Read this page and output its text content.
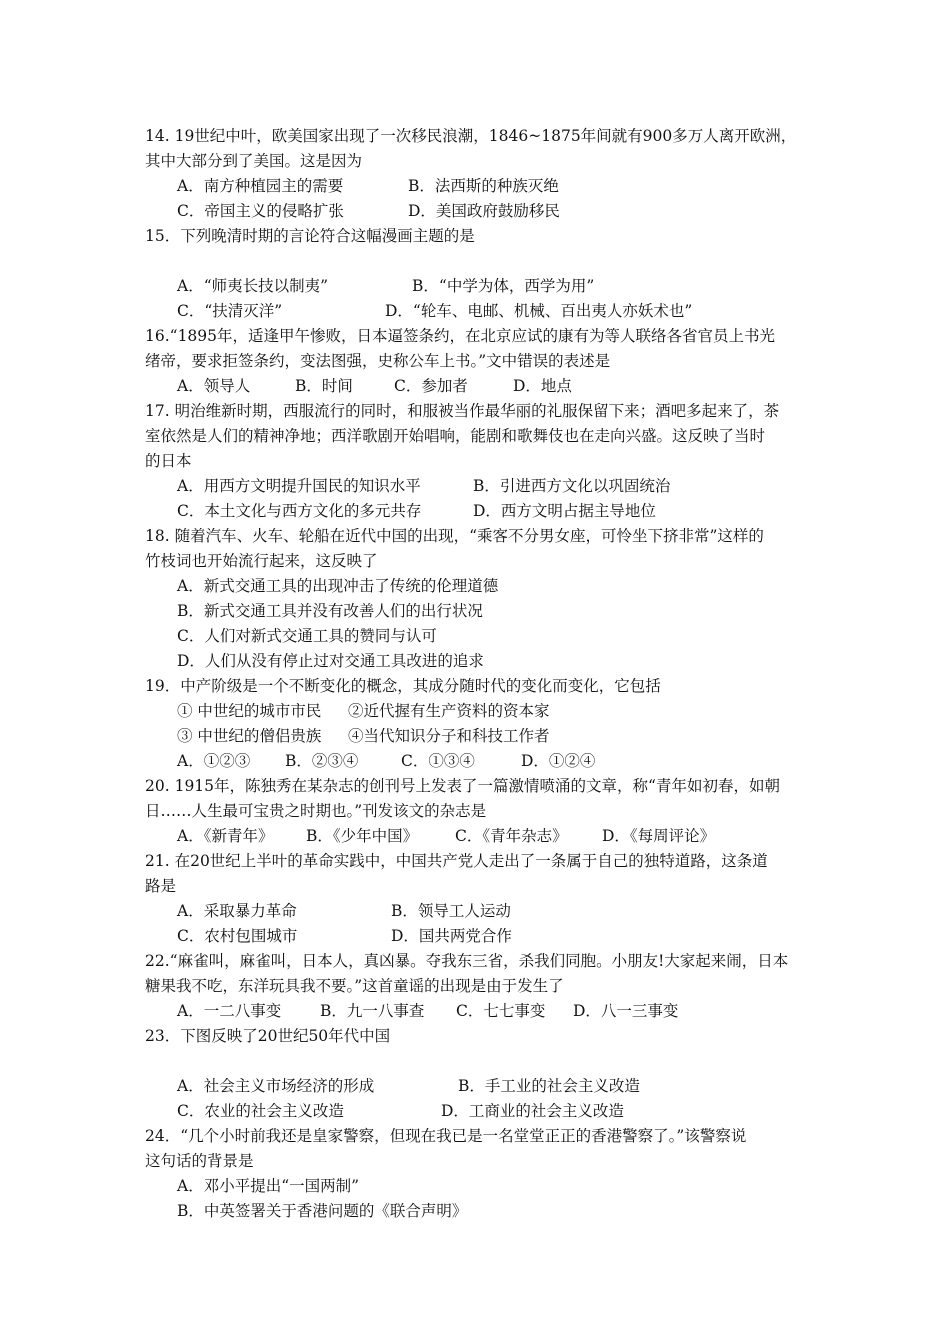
14. 19世纪中叶，欧美国家出现了一次移民浪潮，1846~1875年间就有900多万人离开欧洲，
其中大部分到了美国。这是因为
A．南方种植园主的需要	B．法西斯的种族灭绝
C．帝国主义的侵略扩张	D．美国政府鼓励移民
15．下列晚清时期的言论符合这幅漫画主题的是
A．“师夷长技以制夷”	B．“中学为体，西学为用”
C．“扶清灭洋”	D．“轮车、电邮、机械、百出夷人亦妖术也”
16.“1895年，适逢甲午惨败，日本逼签条约，在北京应试的康有为等人联络各省官员上书光
绪帝，要求拒签条约，变法图强，史称公车上书。”文中错误的表述是
A．领导人	B．时间	C．参加者	D．地点
17. 明治维新时期，西服流行的同时，和服被当作最华丽的礼服保留下来；酒吧多起来了，茶
室依然是人们的精神净地；西洋歌剧开始唱响，能剧和歌舞伎也在走向兴盛。这反映了当时
的日本
A．用西方文明提升国民的知识水平	B．引进西方文化以巩固统治
C．本土文化与西方文化的多元共存	D．西方文明占据主导地位
18. 随着汽车、火车、轮船在近代中国的出现，“乘客不分男女座，可怜坐下挤非常”这样的
竹枝词也开始流行起来，这反映了
A．新式交通工具的出现冲击了传统的伦理道德
B．新式交通工具并没有改善人们的出行状况
C．人们对新式交通工具的赞同与认可
D．人们从没有停止过对交通工具改进的追求
19．中产阶级是一个不断变化的概念，其成分随时代的变化而变化，它包括
① 中世纪的城市市民 ②近代握有生产资料的资本家
③ 中世纪的僧侣贵族 ④当代知识分子和科技工作者
A．①②③ B．②③④	C．①③④	D．①②④
20. 1915年，陈独秀在某杂志的创刊号上发表了一篇激情喷涌的文章，称“青年如初春，如朝
日……人生最可宝贵之时期也。”刊发该文的杂志是
A．《新青年》 B．《少年中国》 C．《青年杂志》 D．《每周评论》
21. 在20世纪上半叶的革命实践中，中国共产党人走出了一条属于自己的独特道路，这条道
路是
A．采取暴力革命	B．领导工人运动
C．农村包围城市	D．国共两党合作
22.“麻雀叫，麻雀叫，日本人，真凶暴。夺我东三省，杀我们同胞。小朋友!大家起来闹，日本
糖果我不吃，东洋玩具我不要。”这首童谣的出现是由于发生了
A．一二八事变	B．九一八事查 C．七七事变 D．八一三事变
23．下图反映了20世纪50年代中国
A．社会主义市场经济的形成	B．手工业的社会主义改造
C．农业的社会主义改造	D．工商业的社会主义改造
24．“几个小时前我还是皇家警察，但现在我已是一名堂堂正正的香港警察了。”该警察说
这句话的背景是
A．邓小平提出“一国两制”
B．中英签署关于香港问题的《联合声明》
